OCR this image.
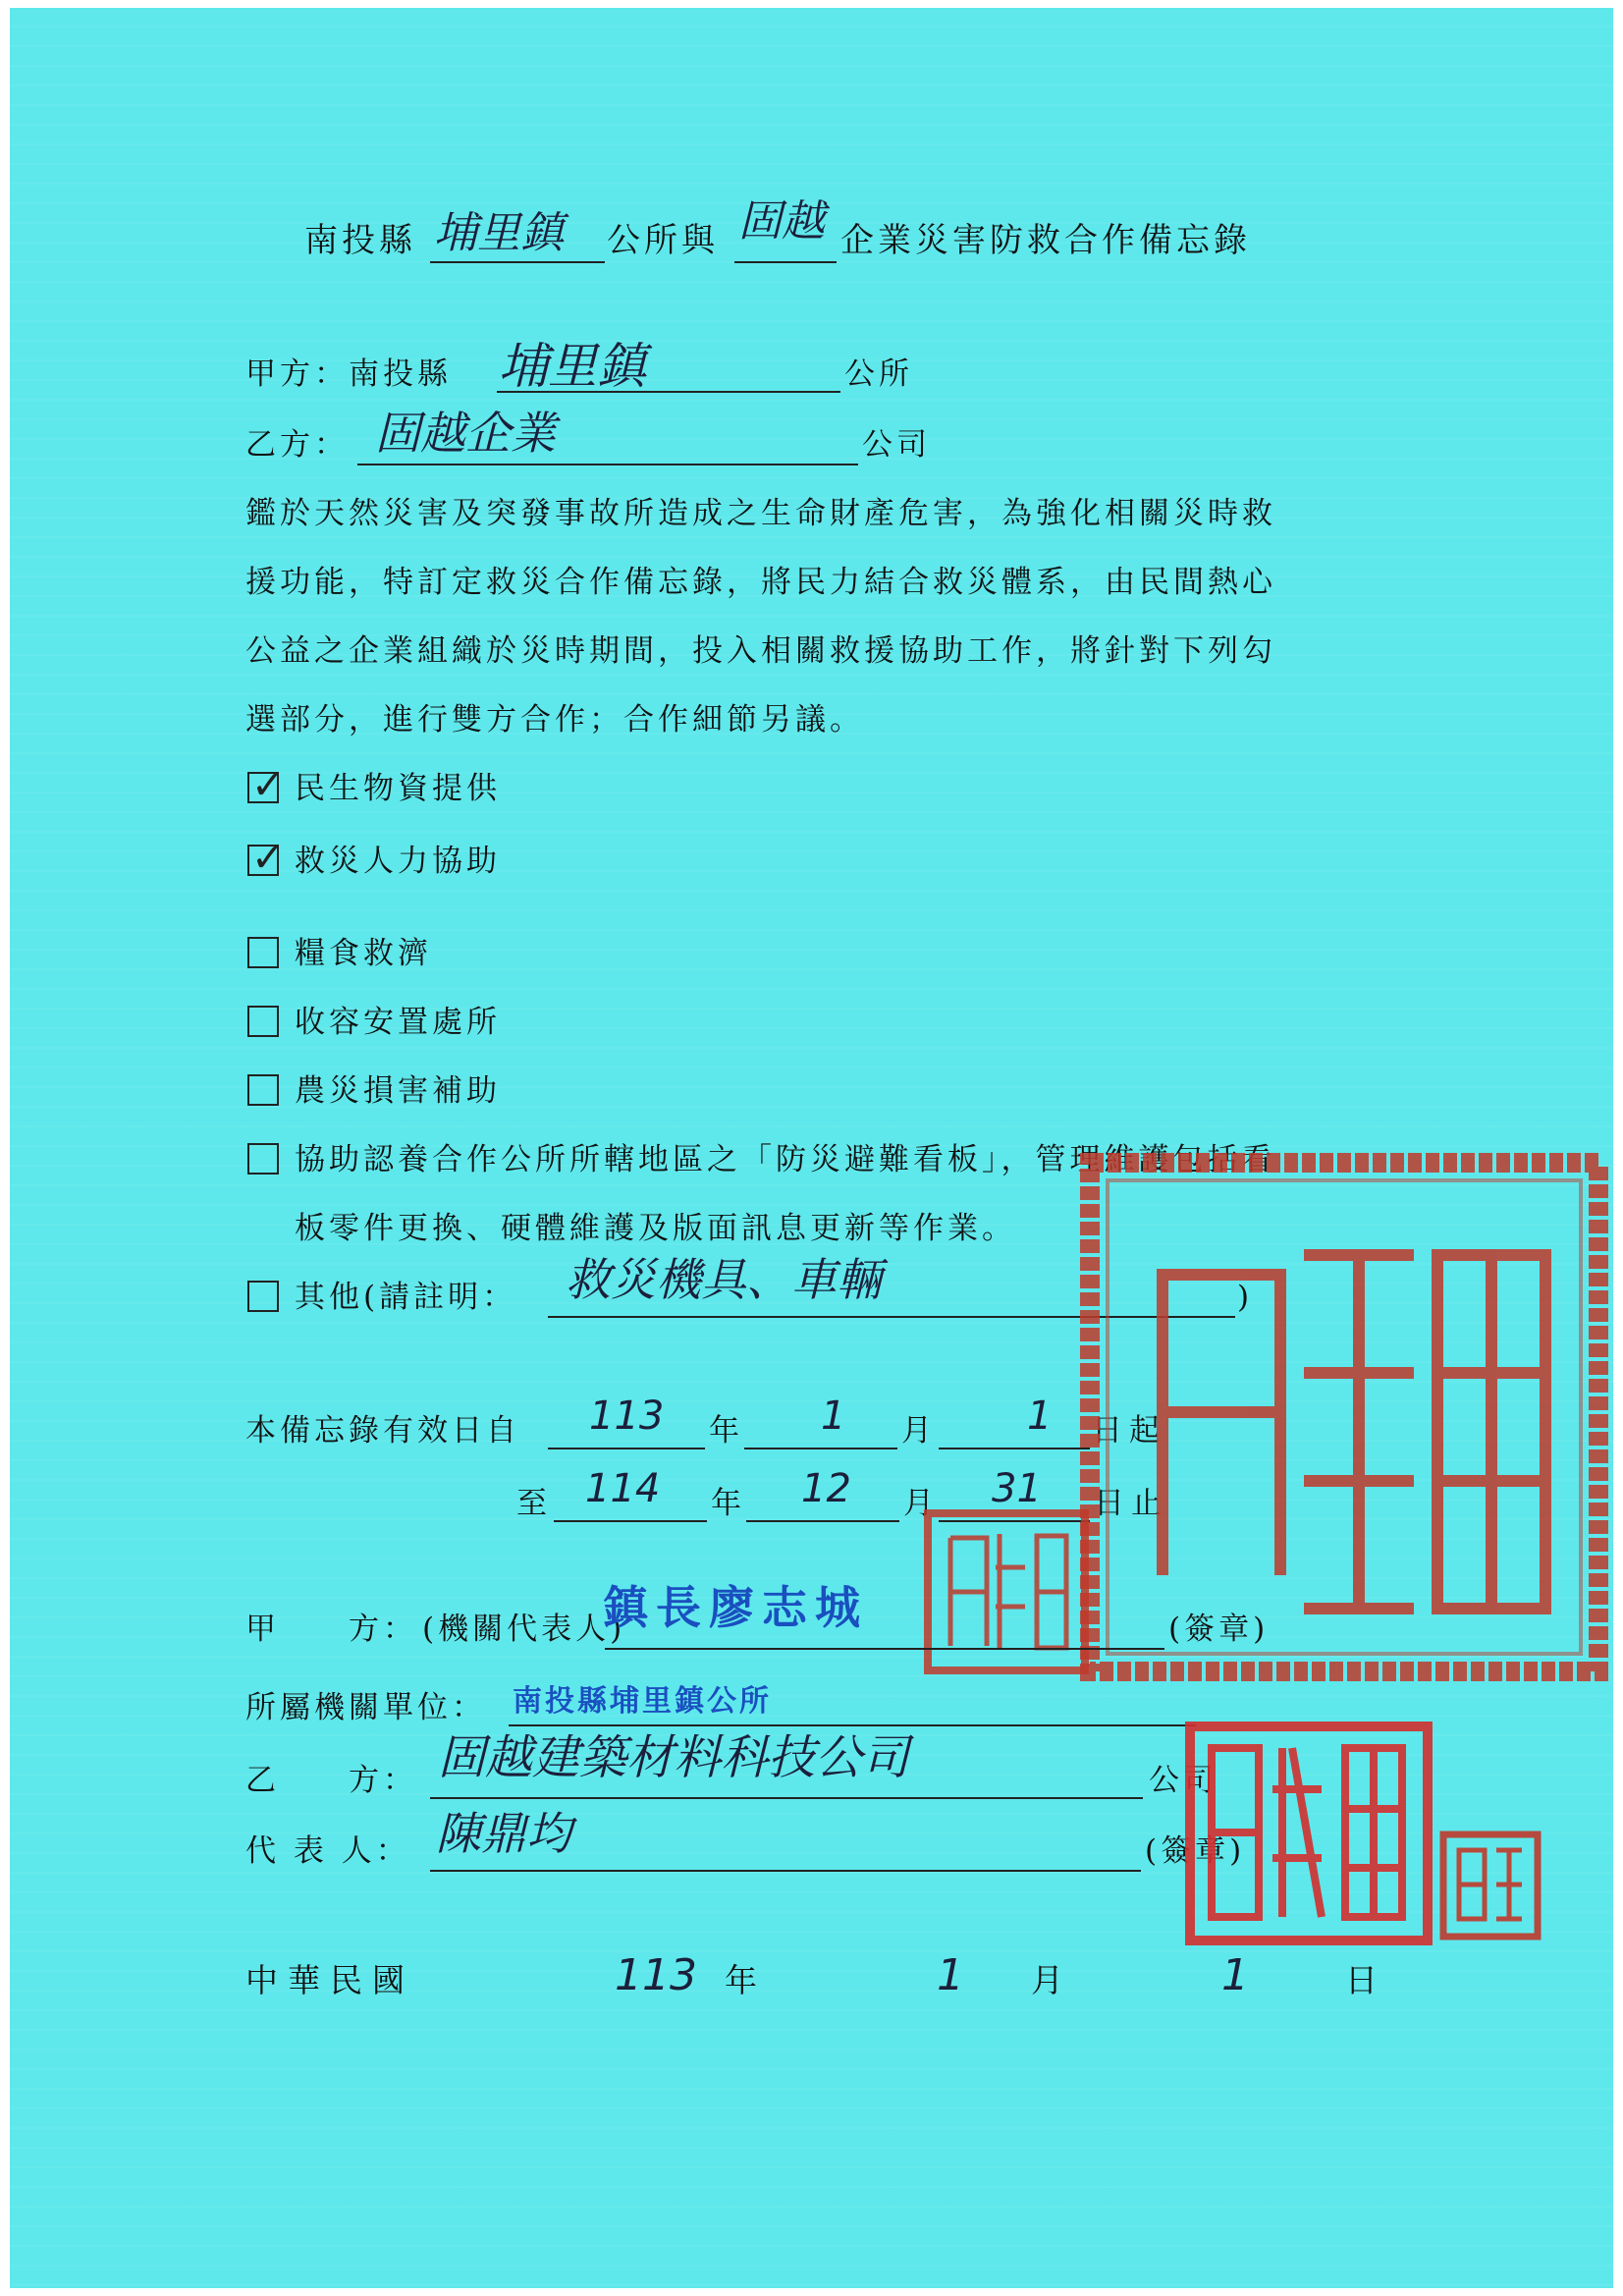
南投縣 埔里鎮 公所與 固越 企業災害防救合作備忘錄
甲方：南投縣 埔里鎮	公所
乙方： 固越企業	公司
鑑於天然災害及突發事故所造成之生命財產危害，為強化相關災時救
援功能，特訂定救災合作備忘錄，將民力結合救災體系，由民間熱心
公益之企業組織於災時期間，投入相關救援協助工作，將針對下列勾
選部分，進行雙方合作；合作細節另議。
✓ 民生物資提供
✓ 救災人力協助
糧食救濟
收容安置處所
農災損害補助
協助認養合作公所所轄地區之「防災避難看板」，管理維護包括看
板零件更換、硬體維護及版面訊息更新等作業。
其他(請註明： 救災機具、車輛	)
本備忘錄有效日自 113 年 1 月 1 日 起
至 114 年 12 月 31 日 止
甲　　方： (機關代表人)
鎮長廖志城	(簽章)
所屬機關單位： 南投縣埔里鎮公所
乙　　方： 固越建築材料科技公司	公司
代 表 人： 陳鼎均	(簽章)
中華民國	113 年	1 月	1	日
